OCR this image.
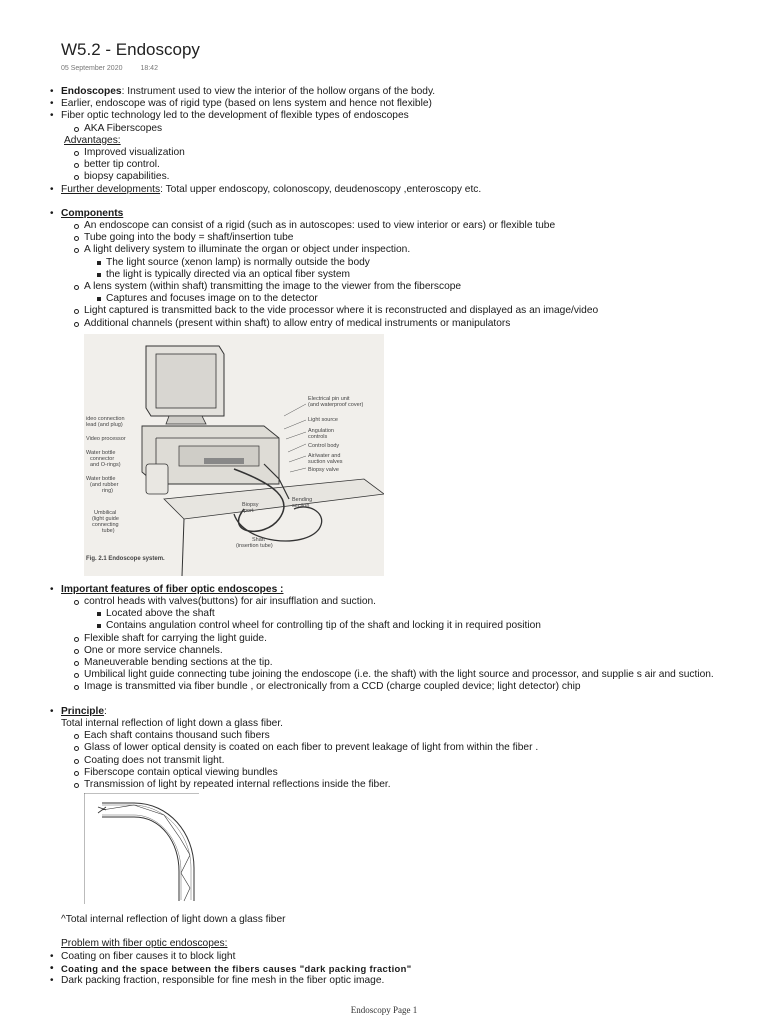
W5.2 - Endoscopy
05 September 2020	18:42
• Endoscopes: Instrument used to view the interior of the hollow organs of the body.
• Earlier, endoscope was of rigid type (based on lens system and hence not flexible)
• Fiber optic technology led to the development of flexible types of endoscopes
AKA Fiberscopes
Advantages:
Improved visualization
better tip control.
biopsy capabilities.
• Further developments: Total upper endoscopy, colonoscopy, deudenoscopy ,enteroscopy etc.
• Components
An endoscope can consist of a rigid (such as in autoscopes: used to view interior or ears) or flexible tube
Tube going into the body = shaft/insertion tube
A light delivery system to illuminate the organ or object under inspection.
The light source (xenon lamp) is normally outside the body
the light is typically directed via an optical fiber system
A lens system (within shaft) transmitting the image to the viewer from the fiberscope
Captures and focuses image on to the detector
Light captured is transmitted back to the vide processor where it is reconstructed and displayed as an image/video
Additional channels (present within shaft) to allow entry of medical instruments or manipulators
ideo connection
lead (and plug)
Video processor
Water bottle
connector
and O-rings)
Water bottle
(and rubber
ring)
Umbilical
(light guide
connecting
tube)
Electrical pin unit
(and waterproof cover)
Light source
Angulation
controls
Control body
Air/water and
suction valves
Biopsy valve
Biopsy
port
Bending
section
Shaft
(insertion tube)
Fig. 2.1 Endoscope system.
• Important features of fiber optic endoscopes :
control heads with valves(buttons) for air insufflation and suction.
Located above the shaft
Contains angulation control wheel for controlling tip of the shaft and locking it in required position
Flexible shaft for carrying the light guide.
One or more service channels.
Maneuverable bending sections at the tip.
Umbilical light guide connecting tube joining the endoscope (i.e. the shaft) with the light source and processor, and supplie s air and suction.
Image is transmitted via fiber bundle , or electronically from a CCD (charge coupled device; light detector) chip
• Principle:
Total internal reflection of light down a glass fiber.
Each shaft contains thousand such fibers
Glass of lower optical density is coated on each fiber to prevent leakage of light from within the fiber .
Coating does not transmit light.
Fiberscope contain optical viewing bundles
Transmission of light by repeated internal reflections inside the fiber.
^Total internal reflection of light down a glass fiber
Problem with fiber optic endoscopes:
• Coating on fiber causes it to block light
• Coating and the space between the fibers causes "dark packing fraction"
• Dark packing fraction, responsible for fine mesh in the fiber optic image.
Endoscopy Page 1
